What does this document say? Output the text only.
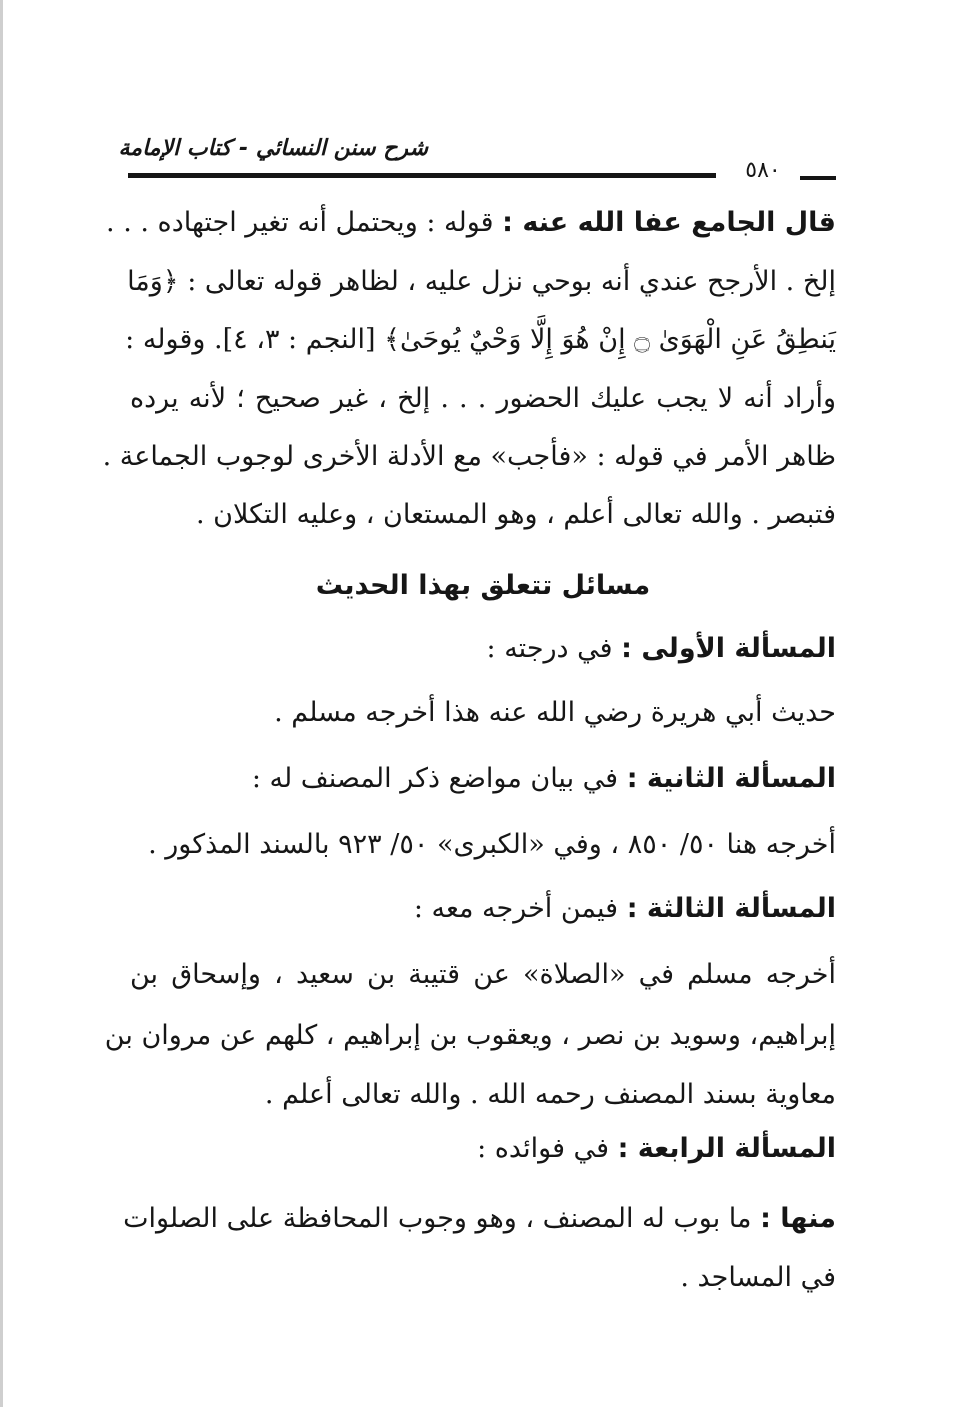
شرح سنن النسائي - كتاب الإمامة
٥٨٠
قال الجامع عفا الله عنه : قوله : ويحتمل أنه تغير اجتهاده . . .
إلخ . الأرجح عندي أنه بوحي نزل عليه ، لظاهر قوله تعالى : ﴿وَمَا
يَنطِقُ عَنِ الْهَوَىٰ ۝ إِنْ هُوَ إِلَّا وَحْيٌ يُوحَىٰ﴾ [النجم : ٣، ٤]. وقوله :
وأراد أنه لا يجب عليك الحضور . . . إلخ ، غير صحيح ؛ لأنه يرده
ظاهر الأمر في قوله : «فأجب» مع الأدلة الأخرى لوجوب الجماعة .
فتبصر . والله تعالى أعلم ، وهو المستعان ، وعليه التكلان .
مسائل تتعلق بهذا الحديث
المسألة الأولى : في درجته :
حديث أبي هريرة رضي الله عنه هذا أخرجه مسلم .
المسألة الثانية : في بيان مواضع ذكر المصنف له :
أخرجه هنا ٥٠/ ٨٥٠ ، وفي «الكبرى» ٥٠/ ٩٢٣ بالسند المذكور .
المسألة الثالثة : فيمن أخرجه معه :
أخرجه مسلم في «الصلاة» عن قتيبة بن سعيد ، وإسحاق بن
إبراهيم، وسويد بن نصر ، ويعقوب بن إبراهيم ، كلهم عن مروان بن
معاوية بسند المصنف رحمه الله . والله تعالى أعلم .
المسألة الرابعة : في فوائده :
منها : ما بوب له المصنف ، وهو وجوب المحافظة على الصلوات
في المساجد .
